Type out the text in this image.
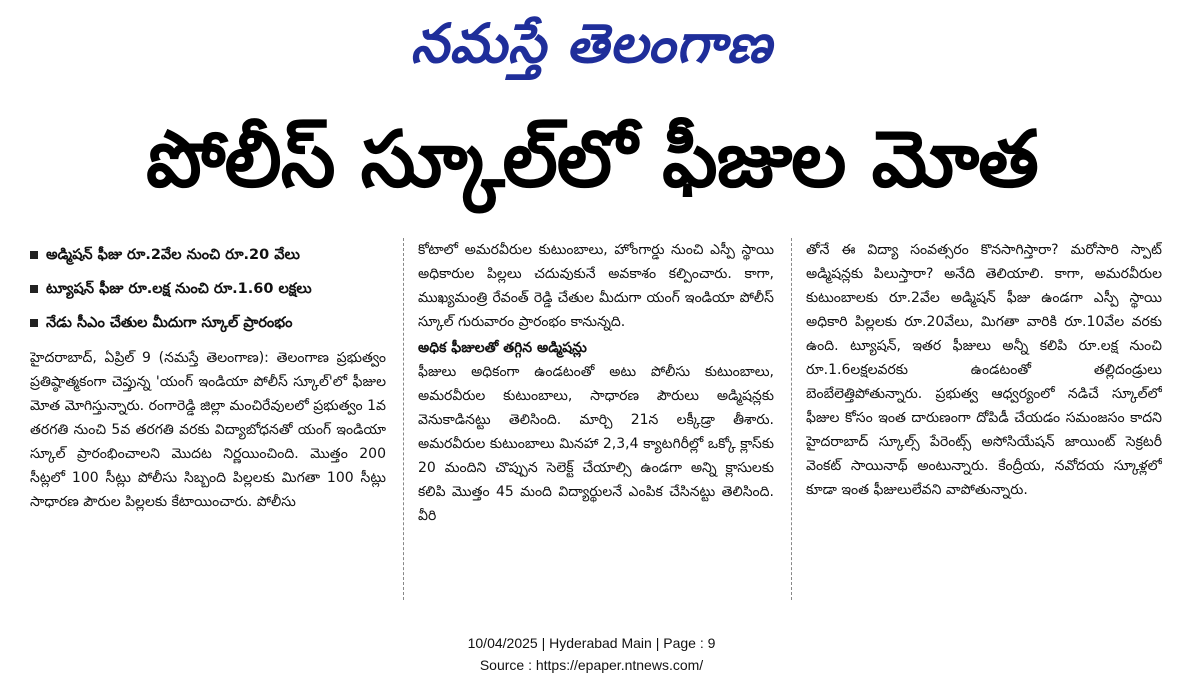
నమస్తే తెలంగాణ
పోలీస్ స్కూల్‌లో ఫీజుల మోత
అడ్మిషన్ ఫీజు రూ.2వేల నుంచి రూ.20 వేలు
ట్యూషన్ ఫీజు రూ.లక్ష నుంచి రూ.1.60 లక్షలు
నేడు సీఎం చేతుల మీదుగా స్కూల్ ప్రారంభం

హైదరాబాద్, ఏప్రిల్ 9 (నమస్తే తెలంగాణ): తెలంగాణ ప్రభుత్వం ప్రతిష్ఠాత్మకంగా చెప్తున్న 'యంగ్ ఇండియా పోలీస్ స్కూల్'లో ఫీజుల మోత మోగిస్తున్నారు. రంగారెడ్డి జిల్లా మంచిరేవులలో ప్రభుత్వం 1వ తరగతి నుంచి 5వ తరగతి వరకు విద్యాబోధనతో యంగ్ ఇండియా స్కూల్ ప్రారంభించాలని మొదట నిర్ణయించింది. మొత్తం 200 సీట్లలో 100 సీట్లు పోలీసు సిబ్బంది పిల్లలకు మిగతా 100 సీట్లు సాధారణ పౌరుల పిల్లలకు కేటాయించారు. పోలీసు

కోటాలో అమరవీరుల కుటుంబాలు, హోంగార్డు నుంచి ఎస్పీ స్థాయి అధికారుల పిల్లలు చదువుకునే అవకాశం కల్పించారు. కాగా, ముఖ్యమంత్రి రేవంత్ రెడ్డి చేతుల మీదుగా యంగ్ ఇండియా పోలీస్ స్కూల్ గురువారం ప్రారంభం కానున్నది.

అధిక ఫీజులతో తగ్గిన అడ్మిషన్లు

ఫీజులు అధికంగా ఉండటంతో అటు పోలీసు కుటుంబాలు, అమరవీరుల కుటుంబాలు, సాధారణ పౌరులు అడ్మిషన్లకు వెనుకాడినట్టు తెలిసింది. మార్చి 21న లక్కీడ్రా తీశారు. అమరవీరుల కుటుంబాలు మినహా 2,3,4 క్యాటగిరీల్లో ఒక్కో క్లాస్‌కు 20 మందిని చొప్పున సెలెక్ట్ చేయాల్సి ఉండగా అన్ని క్లాసులకు కలిపి మొత్తం 45 మంది విద్యార్థులనే ఎంపిక చేసినట్టు తెలిసింది. వీరి

తోనే ఈ విద్యా సంవత్సరం కొనసాగిస్తారా? మరోసారి స్పాట్ అడ్మిషన్లకు పిలుస్తారా? అనేది తెలియాలి. కాగా, అమరవీరుల కుటుంబాలకు రూ.2వేల అడ్మిషన్ ఫీజు ఉండగా ఎస్పీ స్థాయి అధికారి పిల్లలకు రూ.20వేలు, మిగతా వారికి రూ.10వేల వరకు ఉంది. ట్యూషన్, ఇతర ఫీజులు అన్నీ కలిపి రూ.లక్ష నుంచి రూ.1.6లక్షలవరకు ఉండటంతో తల్లిదండ్రులు బెంబేలెత్తిపోతున్నారు. ప్రభుత్వ ఆధ్వర్యంలో నడిచే స్కూల్‌లో ఫీజుల కోసం ఇంత దారుణంగా దోపిడీ చేయడం సమంజసం కాదని హైదరాబాద్ స్కూల్స్ పేరెంట్స్ అసోసియేషన్ జాయింట్ సెక్రటరీ వెంకట్ సాయినాథ్ అంటున్నారు. కేంద్రీయ, నవోదయ స్కూళ్లలో కూడా ఇంత ఫీజులులేవని వాపోతున్నారు.

10/04/2025 | Hyderabad Main | Page : 9
Source : https://epaper.ntnews.com/
